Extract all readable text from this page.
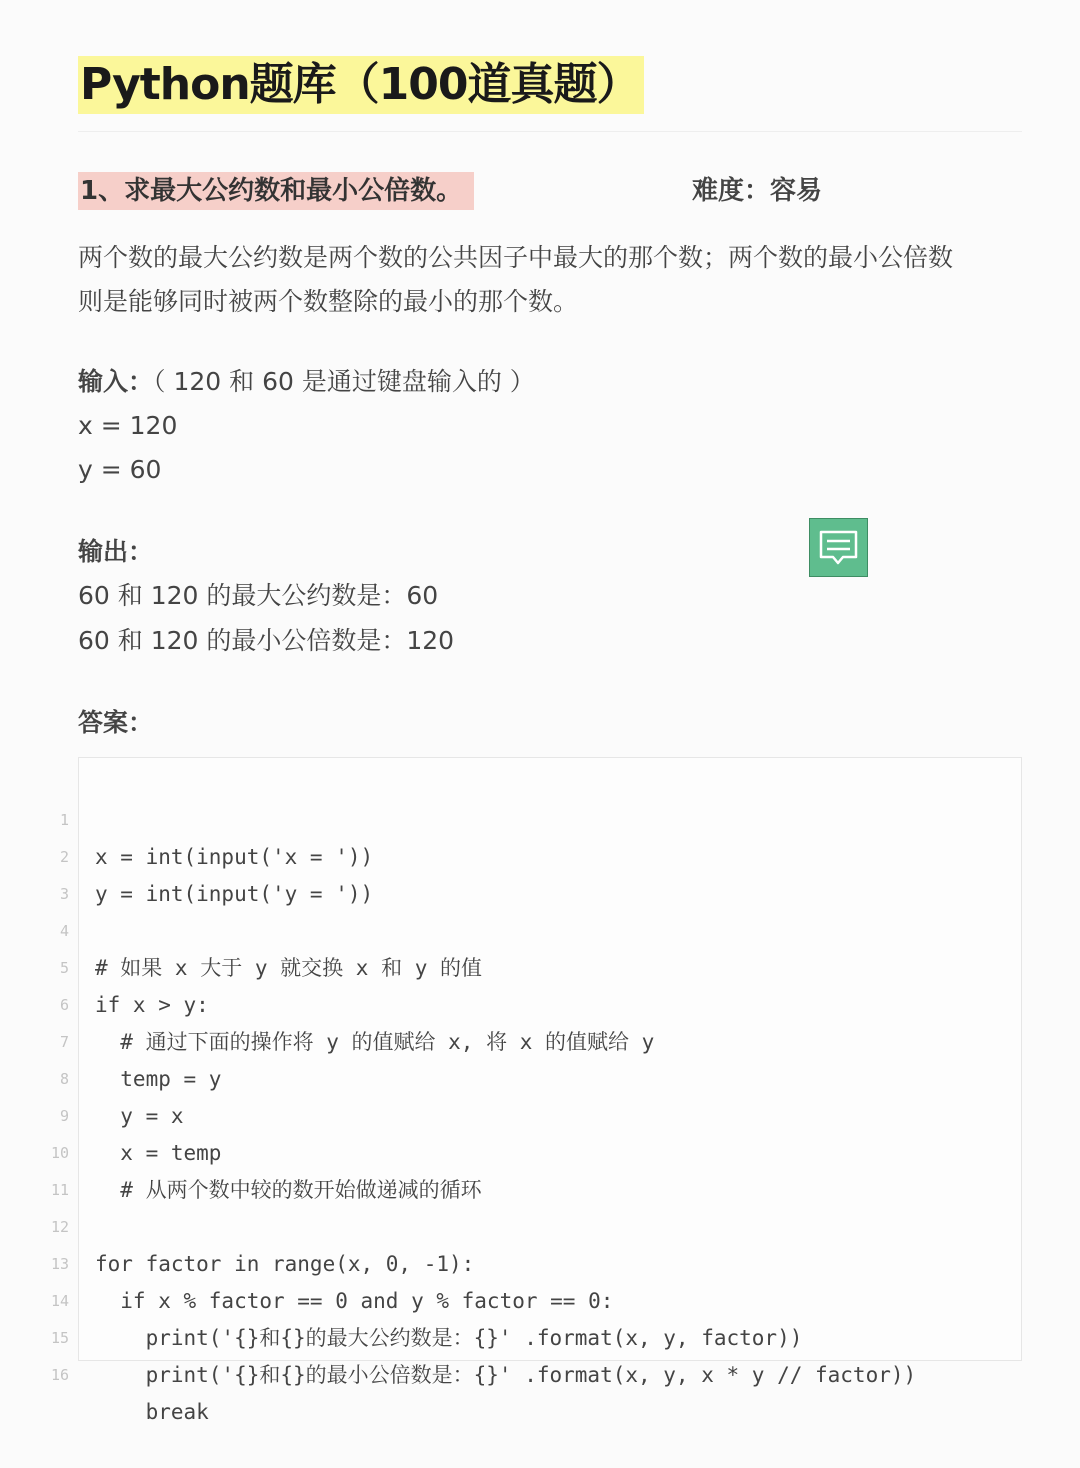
Python题库（100道真题）
1、求最大公约数和最小公倍数。	难度：容易
两个数的最大公约数是两个数的公共因子中最大的那个数；两个数的最小公倍数
则是能够同时被两个数整除的最小的那个数。
输入：（ 120 和 60 是通过键盘输入的 ）
x = 120
y = 60
输出：
60 和 120 的最大公约数是：60
60 和 120 的最小公倍数是：120
答案：

1

x = int(input('x = '))

2

y = int(input('y = '))

3

4

# 如果 x 大于 y 就交换 x 和 y 的值

5

if x > y:

6

# 通过下面的操作将 y 的值赋给 x, 将 x 的值赋给 y

7

temp = y

8

y = x

9

x = temp

10

# 从两个数中较的数开始做递减的循环

11

12

for factor in range(x, 0, -1):

13

if x % factor == 0 and y % factor == 0:

14

print('{}和{}的最大公约数是：{}' .format(x, y, factor))

15

print('{}和{}的最小公倍数是：{}' .format(x, y, x * y // factor))

16

break
